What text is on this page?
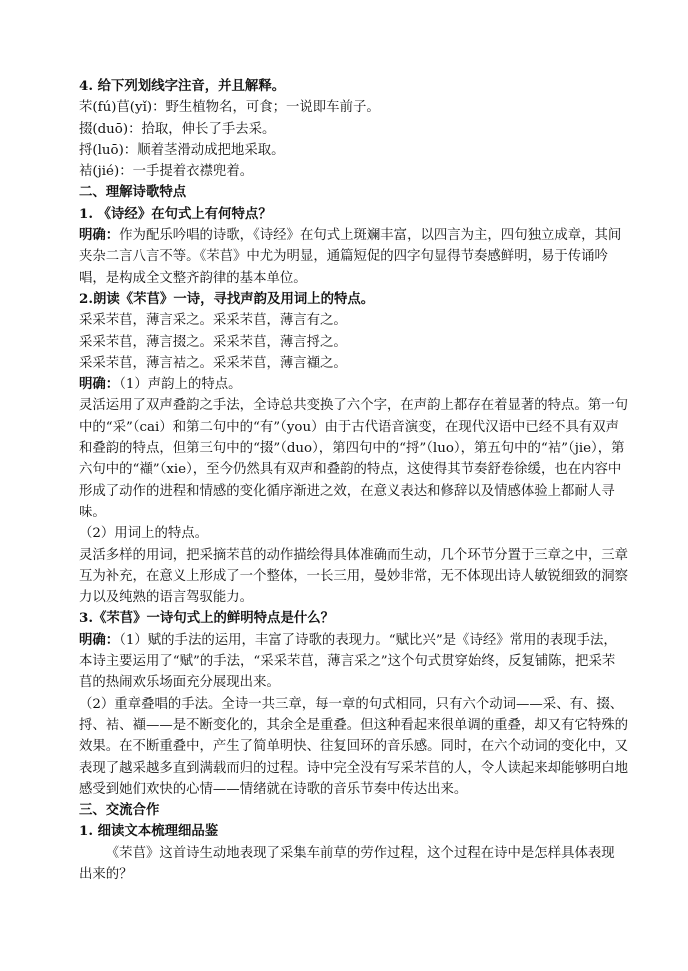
4. 给下列划线字注音，并且解释。

芣(fú)苢(yǐ)：野生植物名，可食；一说即车前子。

掇(duō)：拾取，伸长了手去采。

捋(luō)：顺着茎滑动成把地采取。

袺(jié)：一手提着衣襟兜着。

二、理解诗歌特点

1. 《诗经》在句式上有何特点？

明确：作为配乐吟唱的诗歌，《诗经》在句式上斑斓丰富，以四言为主，四句独立成章，其间夹杂二言八言不等。《芣苢》中尤为明显，通篇短促的四字句显得节奏感鲜明，易于传诵吟唱，是构成全文整齐韵律的基本单位。

2.朗读《芣苢》一诗，寻找声韵及用词上的特点。

采采芣苢，薄言采之。采采芣苢，薄言有之。

采采芣苢，薄言掇之。采采芣苢，薄言捋之。

采采芣苢，薄言袺之。采采芣苢，薄言襭之。

明确：（1）声韵上的特点。

灵活运用了双声叠韵之手法，全诗总共变换了六个字，在声韵上都存在着显著的特点。第一句中的“采”（cai）和第二句中的“有”（you）由于古代语音演变，在现代汉语中已经不具有双声和叠韵的特点，但第三句中的“掇”（duo），第四句中的“捋”（luo），第五句中的“袺”（jie），第六句中的“襭”（xie），至今仍然具有双声和叠韵的特点，这使得其节奏舒卷徐缓，也在内容中形成了动作的进程和情感的变化循序渐进之效，在意义表达和修辞以及情感体验上都耐人寻味。

（2）用词上的特点。

灵活多样的用词，把采摘芣苢的动作描绘得具体准确而生动，几个环节分置于三章之中，三章互为补充，在意义上形成了一个整体，一长三用，曼妙非常，无不体现出诗人敏锐细致的洞察力以及纯熟的语言驾驭能力。

3.《芣苢》一诗句式上的鲜明特点是什么？

明确：（1）赋的手法的运用，丰富了诗歌的表现力。“赋比兴”是《诗经》常用的表现手法，本诗主要运用了“赋”的手法，“采采芣苢，薄言采之”这个句式贯穿始终，反复铺陈，把采芣苢的热闹欢乐场面充分展现出来。

（2）重章叠唱的手法。全诗一共三章，每一章的句式相同，只有六个动词——采、有、掇、捋、袺、襭——是不断变化的，其余全是重叠。但这种看起来很单调的重叠，却又有它特殊的效果。在不断重叠中，产生了简单明快、往复回环的音乐感。同时，在六个动词的变化中，又表现了越采越多直到满载而归的过程。诗中完全没有写采芣苢的人，令人读起来却能够明白地感受到她们欢快的心情——情绪就在诗歌的音乐节奏中传达出来。

三、交流合作

1. 细读文本梳理细品鉴

《芣苢》这首诗生动地表现了采集车前草的劳作过程，这个过程在诗中是怎样具体表现出来的？
